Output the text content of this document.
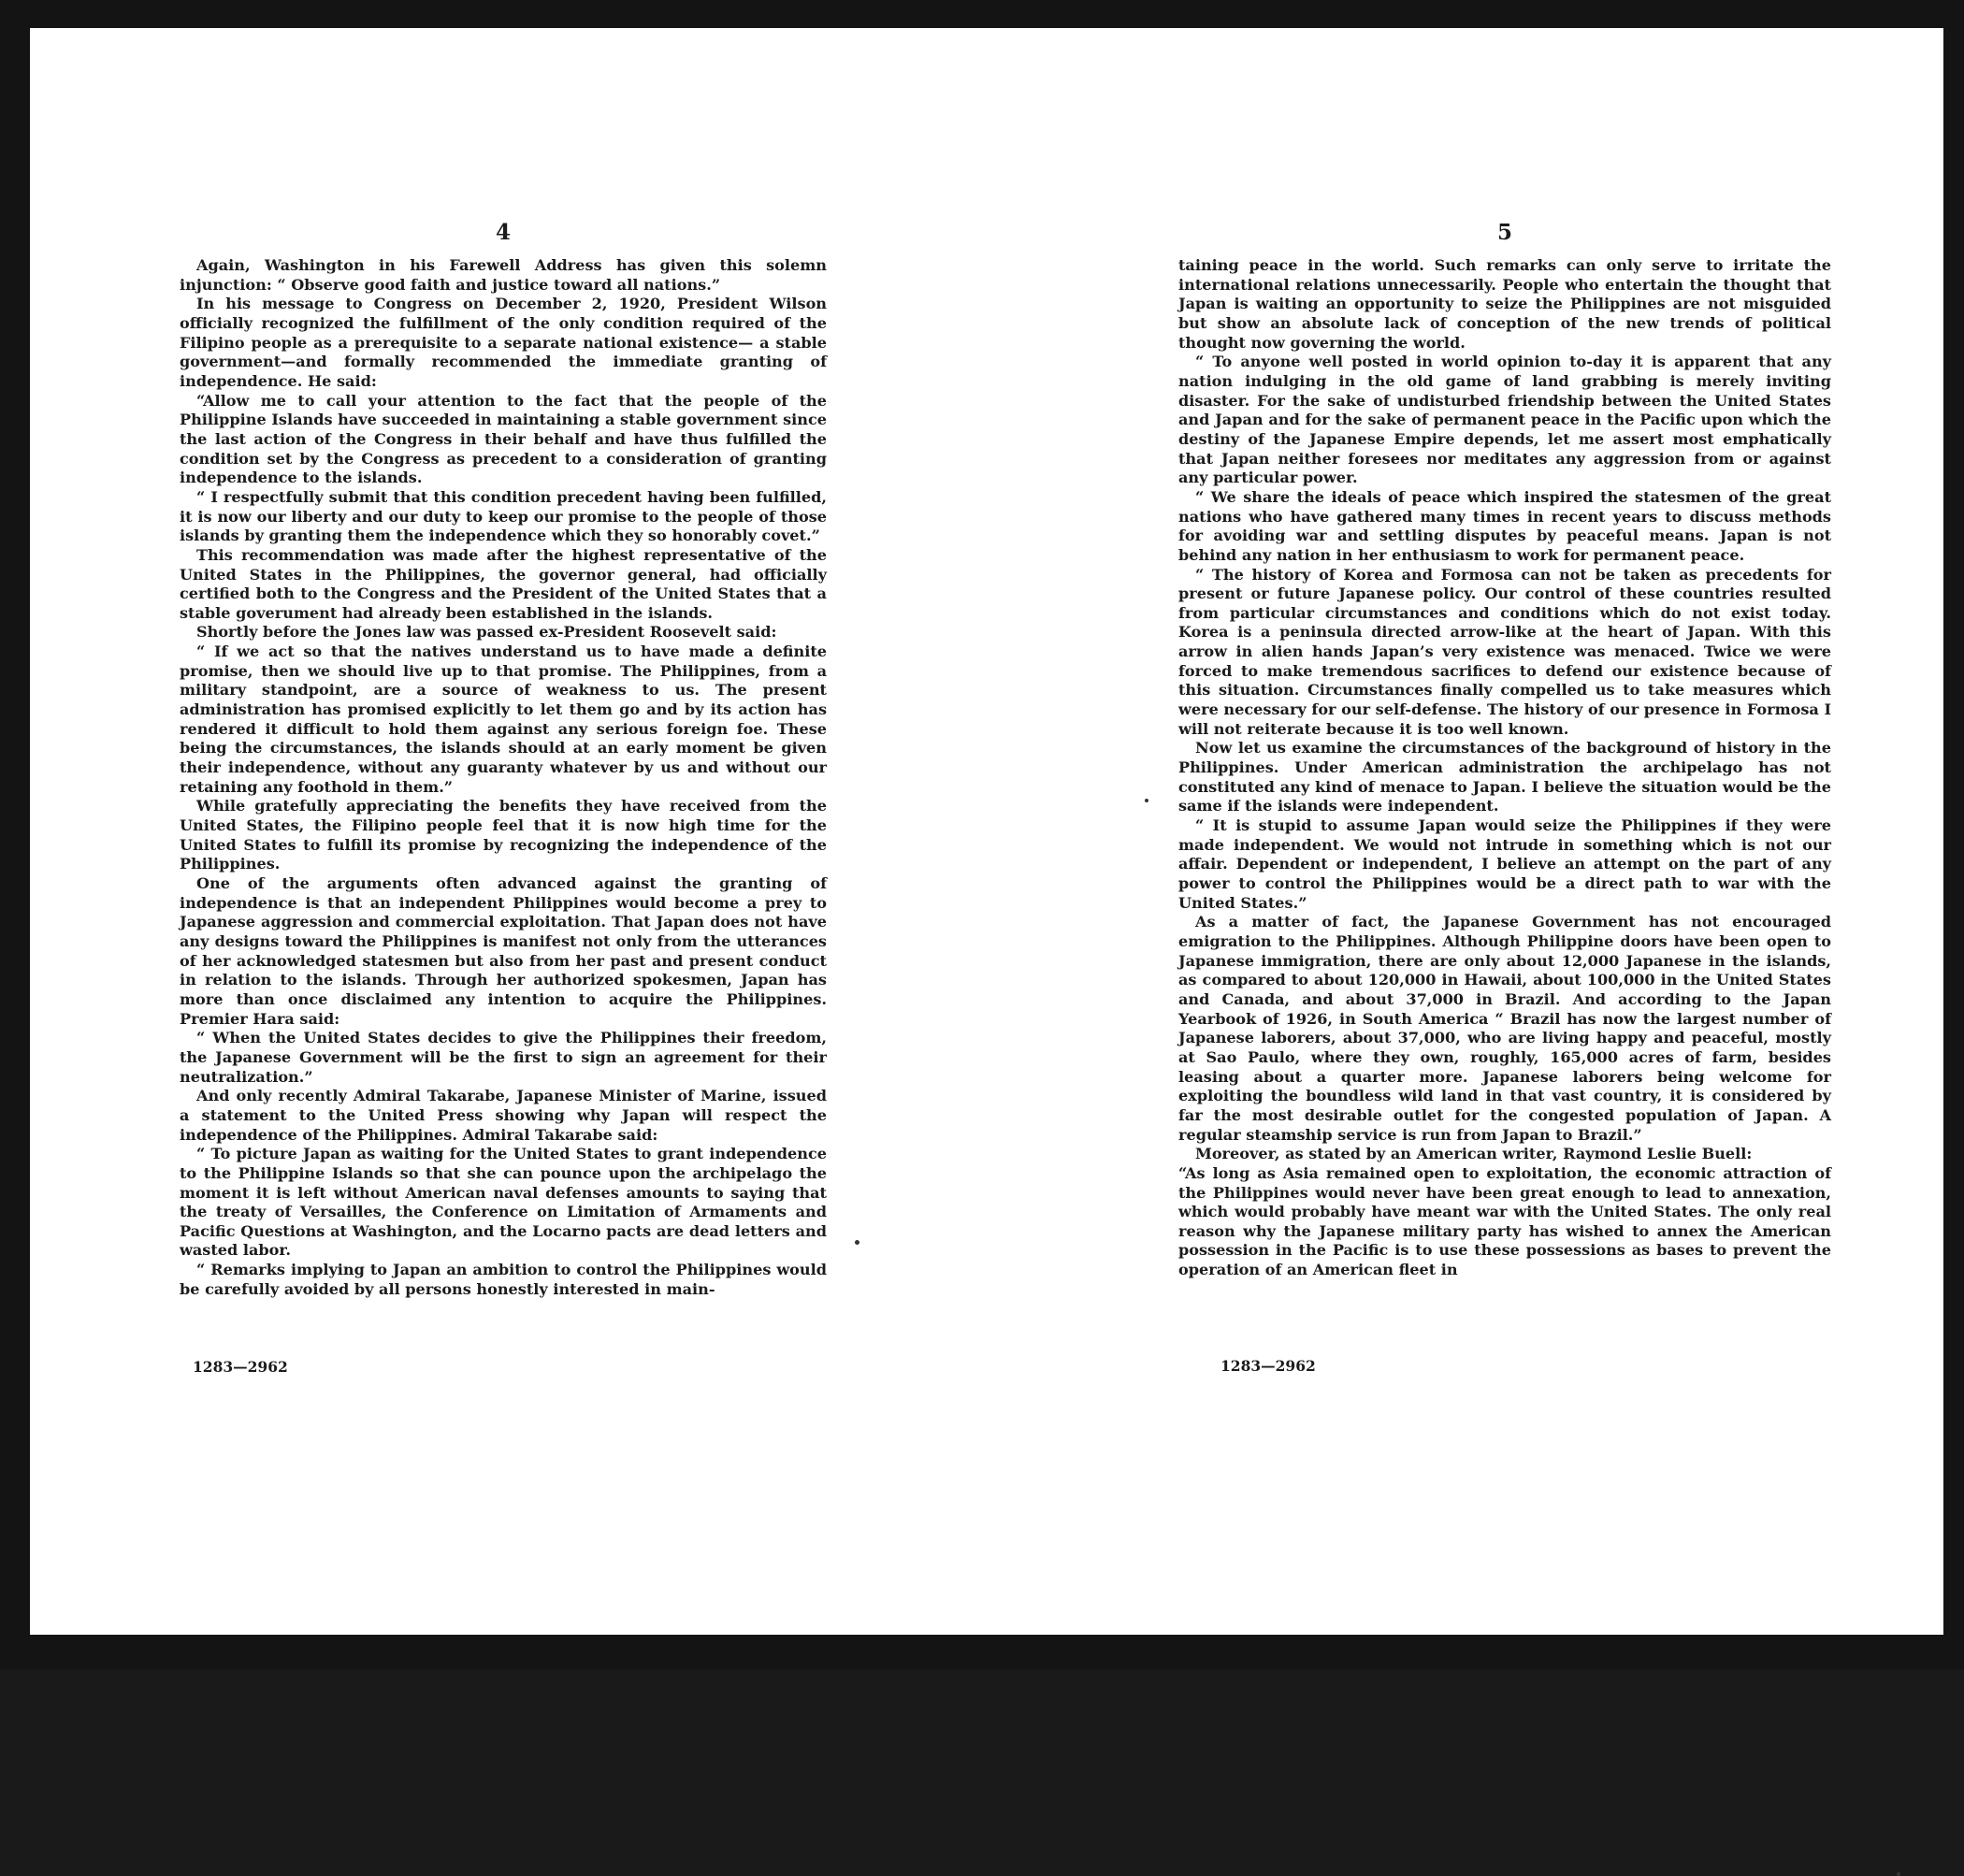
4

Again, Washington in his Farewell Address has given this solemn injunction: “ Observe good faith and justice toward all nations.”

In his message to Congress on December 2, 1920, President Wilson officially recognized the fulfillment of the only condition required of the Filipino people as a prerequisite to a separate national existence— a stable government—and formally recommended the immediate granting of independence. He said:

“Allow me to call your attention to the fact that the people of the Philippine Islands have succeeded in maintaining a stable government since the last action of the Congress in their behalf and have thus fulfilled the condition set by the Congress as precedent to a consideration of granting independence to the islands.

“ I respectfully submit that this condition precedent having been fulfilled, it is now our liberty and our duty to keep our promise to the people of those islands by granting them the independence which they so honorably covet.”

This recommendation was made after the highest representative of the United States in the Philippines, the governor general, had officially certified both to the Congress and the President of the United States that a stable goverument had already been established in the islands.

Shortly before the Jones law was passed ex-President Roosevelt said:

“ If we act so that the natives understand us to have made a definite promise, then we should live up to that promise. The Philippines, from a military standpoint, are a source of weakness to us. The present administration has promised explicitly to let them go and by its action has rendered it difficult to hold them against any serious foreign foe. These being the circumstances, the islands should at an early moment be given their independence, without any guaranty whatever by us and without our retaining any foothold in them.”

While gratefully appreciating the benefits they have received from the United States, the Filipino people feel that it is now high time for the United States to fulfill its promise by recognizing the independence of the Philippines.

One of the arguments often advanced against the granting of independence is that an independent Philippines would become a prey to Japanese aggression and commercial exploitation. That Japan does not have any designs toward the Philippines is manifest not only from the utterances of her acknowledged statesmen but also from her past and present conduct in relation to the islands. Through her authorized spokesmen, Japan has more than once disclaimed any intention to acquire the Philippines. Premier Hara said:

“ When the United States decides to give the Philippines their freedom, the Japanese Government will be the first to sign an agreement for their neutralization.”

And only recently Admiral Takarabe, Japanese Minister of Marine, issued a statement to the United Press showing why Japan will respect the independence of the Philippines. Admiral Takarabe said:

“ To picture Japan as waiting for the United States to grant independence to the Philippine Islands so that she can pounce upon the archipelago the moment it is left without American naval defenses amounts to saying that the treaty of Versailles, the Conference on Limitation of Armaments and Pacific Questions at Washington, and the Locarno pacts are dead letters and wasted labor.

“ Remarks implying to Japan an ambition to control the Philippines would be carefully avoided by all persons honestly interested in main-

1283—2962
5

taining peace in the world. Such remarks can only serve to irritate the international relations unnecessarily. People who entertain the thought that Japan is waiting an opportunity to seize the Philippines are not misguided but show an absolute lack of conception of the new trends of political thought now governing the world.

“ To anyone well posted in world opinion to-day it is apparent that any nation indulging in the old game of land grabbing is merely inviting disaster. For the sake of undisturbed friendship between the United States and Japan and for the sake of permanent peace in the Pacific upon which the destiny of the Japanese Empire depends, let me assert most emphatically that Japan neither foresees nor meditates any aggression from or against any particular power.

“ We share the ideals of peace which inspired the statesmen of the great nations who have gathered many times in recent years to discuss methods for avoiding war and settling disputes by peaceful means. Japan is not behind any nation in her enthusiasm to work for permanent peace.

“ The history of Korea and Formosa can not be taken as precedents for present or future Japanese policy. Our control of these countries resulted from particular circumstances and conditions which do not exist today. Korea is a peninsula directed arrow-like at the heart of Japan. With this arrow in alien hands Japan’s very existence was menaced. Twice we were forced to make tremendous sacrifices to defend our existence because of this situation. Circumstances finally compelled us to take measures which were necessary for our self-defense. The history of our presence in Formosa I will not reiterate because it is too well known.

Now let us examine the circumstances of the background of history in the Philippines. Under American administration the archipelago has not constituted any kind of menace to Japan. I believe the situation would be the same if the islands were independent.

“ It is stupid to assume Japan would seize the Philippines if they were made independent. We would not intrude in something which is not our affair. Dependent or independent, I believe an attempt on the part of any power to control the Philippines would be a direct path to war with the United States.”

As a matter of fact, the Japanese Government has not encouraged emigration to the Philippines. Although Philippine doors have been open to Japanese immigration, there are only about 12,000 Japanese in the islands, as compared to about 120,000 in Hawaii, about 100,000 in the United States and Canada, and about 37,000 in Brazil. And according to the Japan Yearbook of 1926, in South America “ Brazil has now the largest number of Japanese laborers, about 37,000, who are living happy and peaceful, mostly at Sao Paulo, where they own, roughly, 165,000 acres of farm, besides leasing about a quarter more. Japanese laborers being welcome for exploiting the boundless wild land in that vast country, it is considered by far the most desirable outlet for the congested population of Japan. A regular steamship service is run from Japan to Brazil.”

Moreover, as stated by an American writer, Raymond Leslie Buell:

“As long as Asia remained open to exploitation, the economic attraction of the Philippines would never have been great enough to lead to annexation, which would probably have meant war with the United States. The only real reason why the Japanese military party has wished to annex the American possession in the Pacific is to use these possessions as bases to prevent the operation of an American fleet in

1283—2962
